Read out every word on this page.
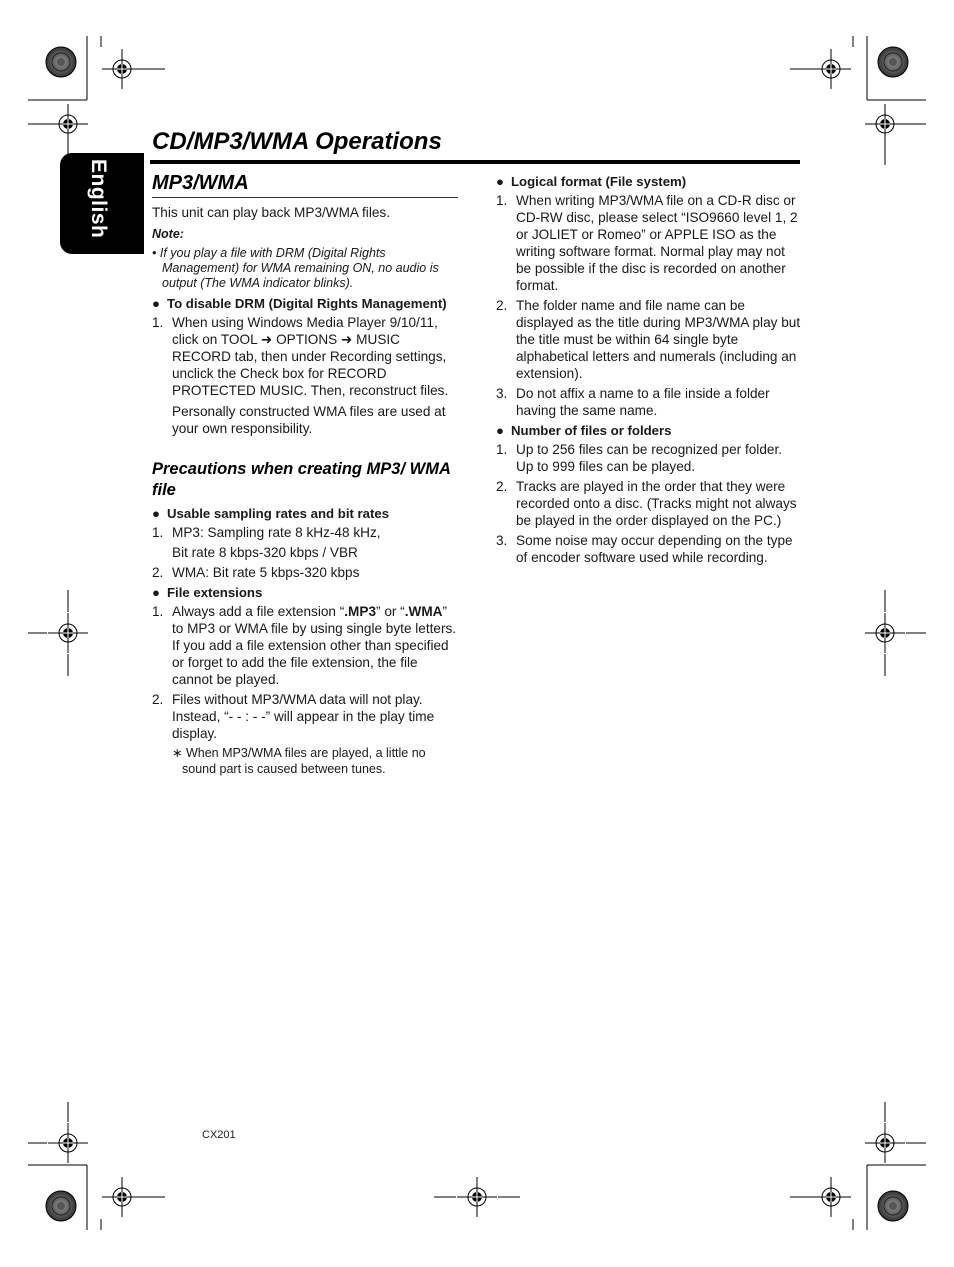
English
CD/MP3/WMA Operations
MP3/WMA

This unit can play back MP3/WMA files.

Note:

• If you play a file with DRM (Digital Rights Management) for WMA remaining ON, no audio is output (The WMA indicator blinks).

● To disable DRM (Digital Rights Management)
1. When using Windows Media Player 9/10/11, click on TOOL ➜ OPTIONS ➜ MUSIC RECORD tab, then under Recording settings, unclick the Check box for RECORD PROTECTED MUSIC. Then, reconstruct files.

Personally constructed WMA files are used at your own responsibility.

Precautions when creating MP3/ WMA file
● Usable sampling rates and bit rates
1. MP3: Sampling rate 8 kHz-48 kHz,

Bit rate 8 kbps-320 kbps / VBR

2. WMA: Bit rate 5 kbps-320 kbps
● File extensions
1. Always add a file extension “.MP3” or “.WMA” to MP3 or WMA file by using single byte letters. If you add a file extension other than specified or forget to add the file extension, the file cannot be played.
2. Files without MP3/WMA data will not play. Instead, “- - : - -” will appear in the play time display.

∗ When MP3/WMA files are played, a little no sound part is caused between tunes.

● Logical format (File system)
1. When writing MP3/WMA file on a CD-R disc or CD-RW disc, please select “ISO9660 level 1, 2 or JOLIET or Romeo” or APPLE ISO as the writing software format. Normal play may not be possible if the disc is recorded on another format.
2. The folder name and file name can be displayed as the title during MP3/WMA play but the title must be within 64 single byte alphabetical letters and numerals (including an extension).
3. Do not affix a name to a file inside a folder having the same name.
● Number of files or folders
1. Up to 256 files can be recognized per folder. Up to 999 files can be played.
2. Tracks are played in the order that they were recorded onto a disc. (Tracks might not always be played in the order displayed on the PC.)
3. Some noise may occur depending on the type of encoder software used while recording.
CX201
